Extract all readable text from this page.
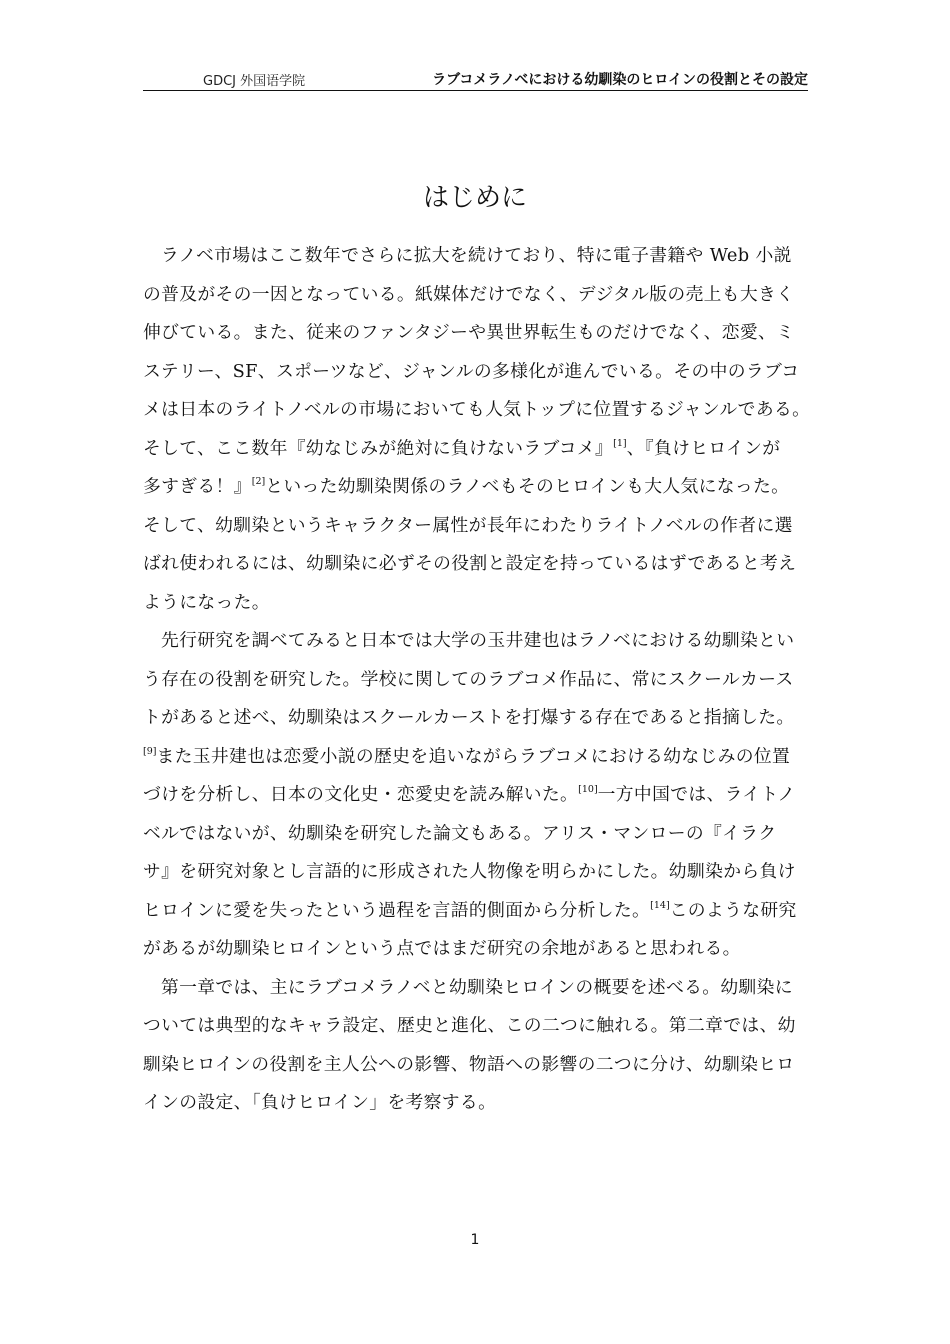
GDCJ 外国语学院	ラブコメラノベにおける幼馴染のヒロインの役割とその設定
はじめに
ラノベ市場はここ数年でさらに拡大を続けており、特に電子書籍や Web 小説
の普及がその一因となっている。紙媒体だけでなく、デジタル版の売上も大きく
伸びている。また、従来のファンタジーや異世界転生ものだけでなく、恋愛、ミ
ステリー、SF、スポーツなど、ジャンルの多様化が進んでいる。その中のラブコ
メは日本のライトノベルの市場においても人気トップに位置するジャンルである。
そして、ここ数年『幼なじみが絶対に負けないラブコメ』[1]、『負けヒロインが
多すぎる！』[2]といった幼馴染関係のラノベもそのヒロインも大人気になった。
そして、幼馴染というキャラクター属性が長年にわたりライトノベルの作者に選
ばれ使われるには、幼馴染に必ずその役割と設定を持っているはずであると考え
ようになった。
先行研究を調べてみると日本では大学の玉井建也はラノベにおける幼馴染とい
う存在の役割を研究した。学校に関してのラブコメ作品に、常にスクールカース
トがあると述べ、幼馴染はスクールカーストを打爆する存在であると指摘した。
[9]また玉井建也は恋愛小説の歴史を追いながらラブコメにおける幼なじみの位置
づけを分析し、日本の文化史・恋愛史を読み解いた。[10]一方中国では、ライトノ
ベルではないが、幼馴染を研究した論文もある。アリス・マンローの『イラク
サ』を研究対象とし言語的に形成された人物像を明らかにした。幼馴染から負け
ヒロインに愛を失ったという過程を言語的側面から分析した。[14]このような研究
があるが幼馴染ヒロインという点ではまだ研究の余地があると思われる。
第一章では、主にラブコメラノベと幼馴染ヒロインの概要を述べる。幼馴染に
ついては典型的なキャラ設定、歴史と進化、この二つに触れる。第二章では、幼
馴染ヒロインの役割を主人公への影響、物語への影響の二つに分け、幼馴染ヒロ
インの設定、「負けヒロイン」を考察する。
1
